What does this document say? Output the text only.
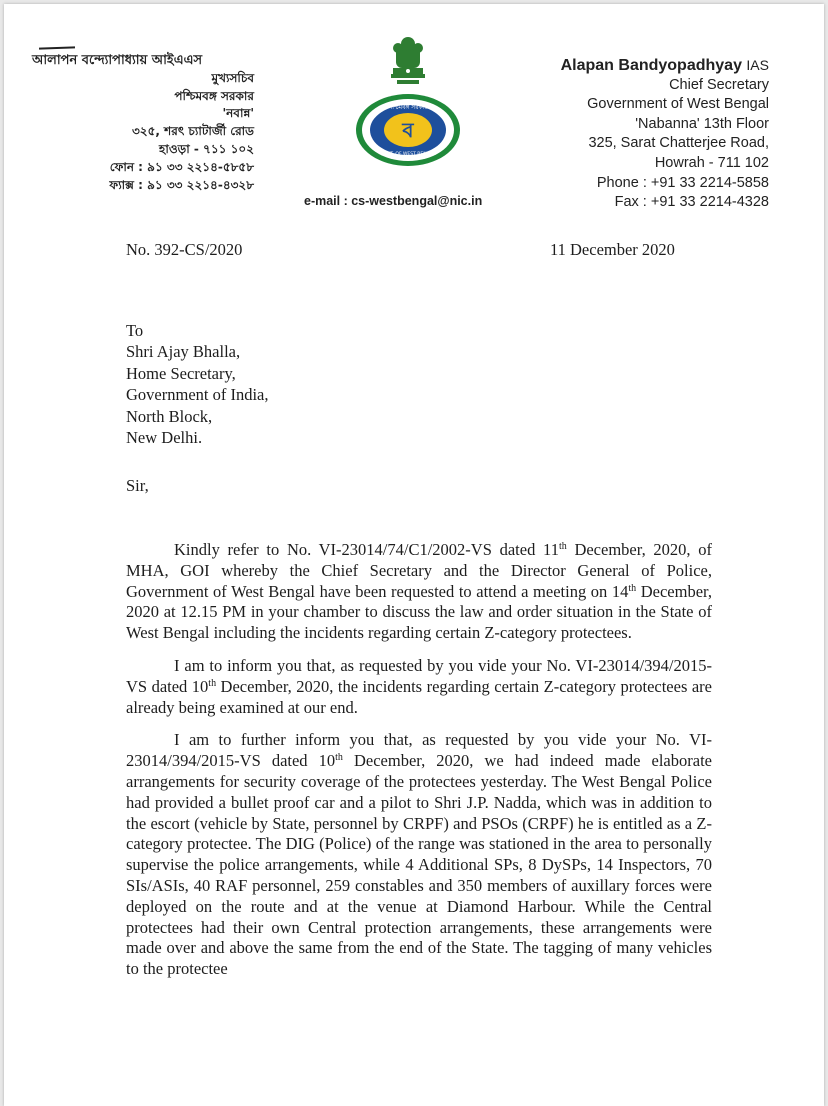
আলাপন বন্দ্যোপাধ্যায় আইএএস
মুখ্যসচিব
পশ্চিমবঙ্গ সরকার
'নবান্ন'
৩২৫, শরৎ চ্যাটার্জী রোড
হাওড়া - ৭১১ ১০২
ফোন : ৯১ ৩৩ ২২১৪-৫৮৫৮
ফ্যাক্স : ৯১ ৩৩ ২২১৪-৪৩২৮
পশ্চিমবঙ্গ সরকার
ব
GOVT. OF WEST BENGAL
Alapan Bandyopadhyay IAS
Chief Secretary
Government of West Bengal
'Nabanna' 13th Floor
325, Sarat Chatterjee Road,
Howrah - 711 102
Phone : +91 33 2214-5858
Fax : +91 33 2214-4328
e-mail : cs-westbengal@nic.in
No. 392-CS/2020	11 December 2020
To
Shri Ajay Bhalla,
Home Secretary,
Government of India,
North Block,
New Delhi.
Sir,

Kindly refer to No. VI-23014/74/C1/2002-VS dated 11th December, 2020, of MHA, GOI whereby the Chief Secretary and the Director General of Police, Government of West Bengal have been requested to attend a meeting on 14th December, 2020 at 12.15 PM in your chamber to discuss the law and order situation in the State of West Bengal including the incidents regarding certain Z-category protectees.

I am to inform you that, as requested by you vide your No. VI-23014/394/2015-VS dated 10th December, 2020, the incidents regarding certain Z-category protectees are already being examined at our end.

I am to further inform you that, as requested by you vide your No. VI-23014/394/2015-VS dated 10th December, 2020, we had indeed made elaborate arrangements for security coverage of the protectees yesterday. The West Bengal Police had provided a bullet proof car and a pilot to Shri J.P. Nadda, which was in addition to the escort (vehicle by State, personnel by CRPF) and PSOs (CRPF) he is entitled as a Z-category protectee. The DIG (Police) of the range was stationed in the area to personally supervise the police arrangements, while 4 Additional SPs, 8 DySPs, 14 Inspectors, 70 SIs/ASIs, 40 RAF personnel, 259 constables and 350 members of auxillary forces were deployed on the route and at the venue at Diamond Harbour. While the Central protectees had their own Central protection arrangements, these arrangements were made over and above the same from the end of the State. The tagging of many vehicles to the protectee
